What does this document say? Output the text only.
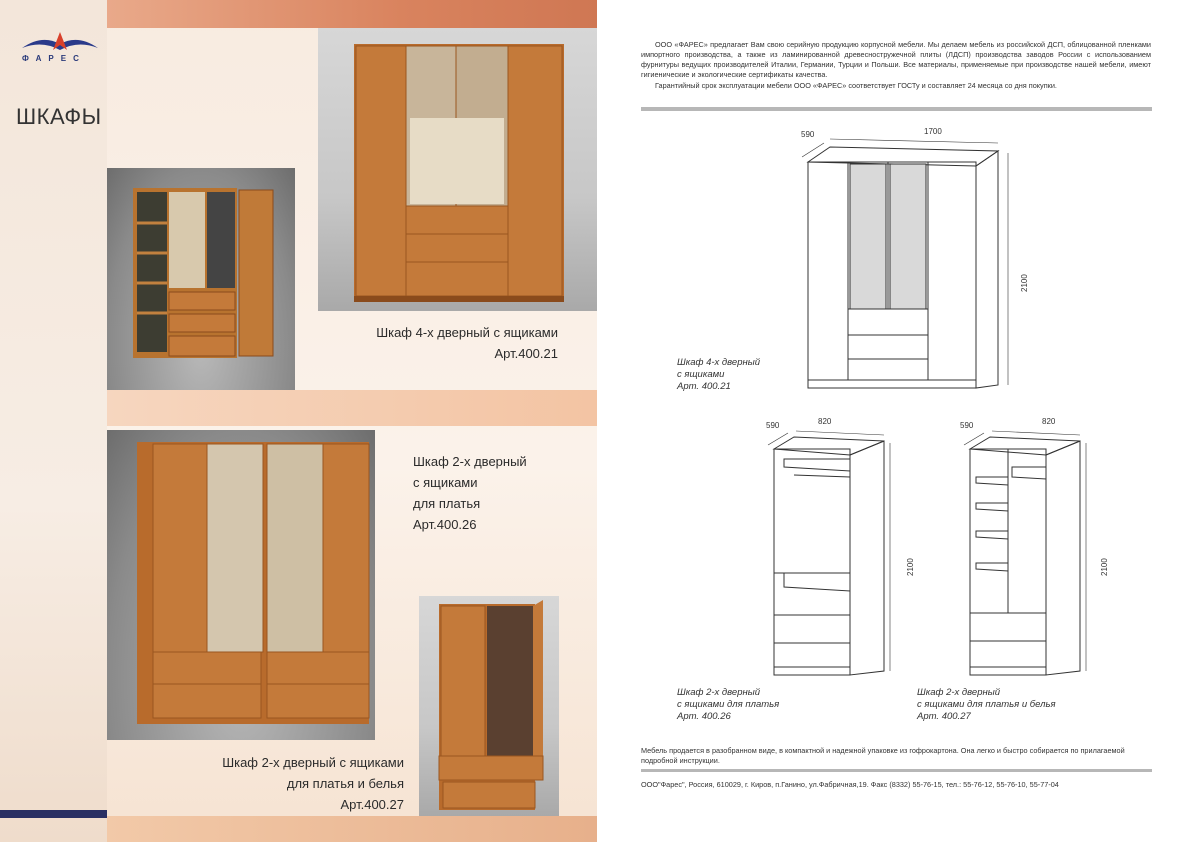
ФАРЕС
ШКАФЫ
Шкаф 4-х дверный с ящиками
Арт.400.21
Шкаф 2-х дверный
с ящиками
для платья
Арт.400.26
Шкаф 2-х дверный с ящиками
для платья и белья
Арт.400.27
ООО «ФАРЕС» предлагает Вам свою серийную продукцию корпусной мебели. Мы делаем мебель из российской ДСП, облицованной пленками импортного производства, а также из ламинированной древесностружечной плиты (ЛДСП) производства заводов России с использованием фурнитуры ведущих производителей Италии, Германии, Турции и Польши. Все материалы, применяемые при производстве нашей мебели, имеют гигиенические и экологические сертификаты качества.
Гарантийный срок эксплуатации мебели ООО «ФАРЕС» соответствует ГОСТу и составляет 24 месяца со дня покупки.
590	1700
2100
Шкаф 4-х дверный
с ящиками
Арт. 400.21
590	820
2100
Шкаф 2-х дверный
с ящиками для платья
Арт. 400.26
590	820
2100
Шкаф 2-х дверный
с ящиками для платья и белья
Арт. 400.27
Мебель продается в разобранном виде, в компактной и надежной упаковке из гофрокартона. Она легко и быстро собирается по прилагаемой подробной инструкции.
ООО"Фарес", Россия, 610029, г. Киров, п.Ганино, ул.Фабричная,19. Факс (8332) 55-76-15, тел.: 55-76-12, 55-76-10, 55-77-04
